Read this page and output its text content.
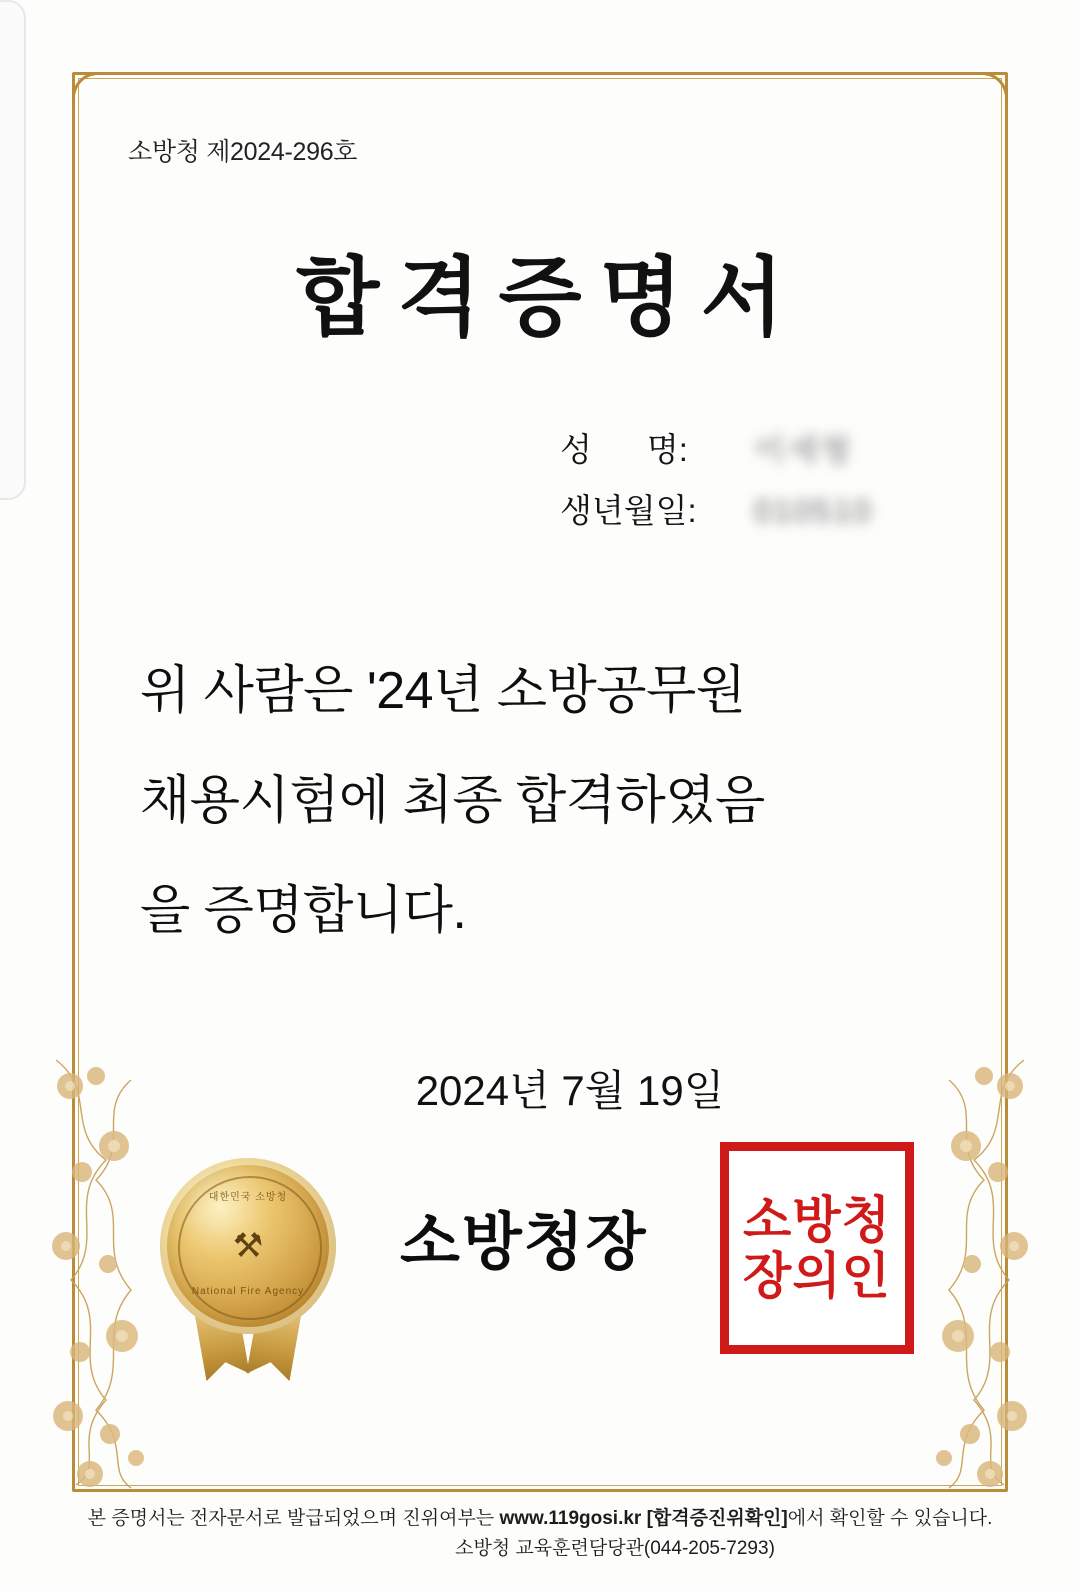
소방청 제2024-296호
합격증명서
성      명:	이세형
생년월일:	010510
위 사람은 '24년 소방공무원
채용시험에 최종 합격하였음
을 증명합니다.
2024년 7월 19일
대한민국 소방청
⚒
National Fire Agency
소방청장 소방청
장의인
본 증명서는 전자문서로 발급되었으며 진위여부는 www.119gosi.kr [합격증진위확인]에서 확인할 수 있습니다.
소방청 교육훈련담당관(044-205-7293)
